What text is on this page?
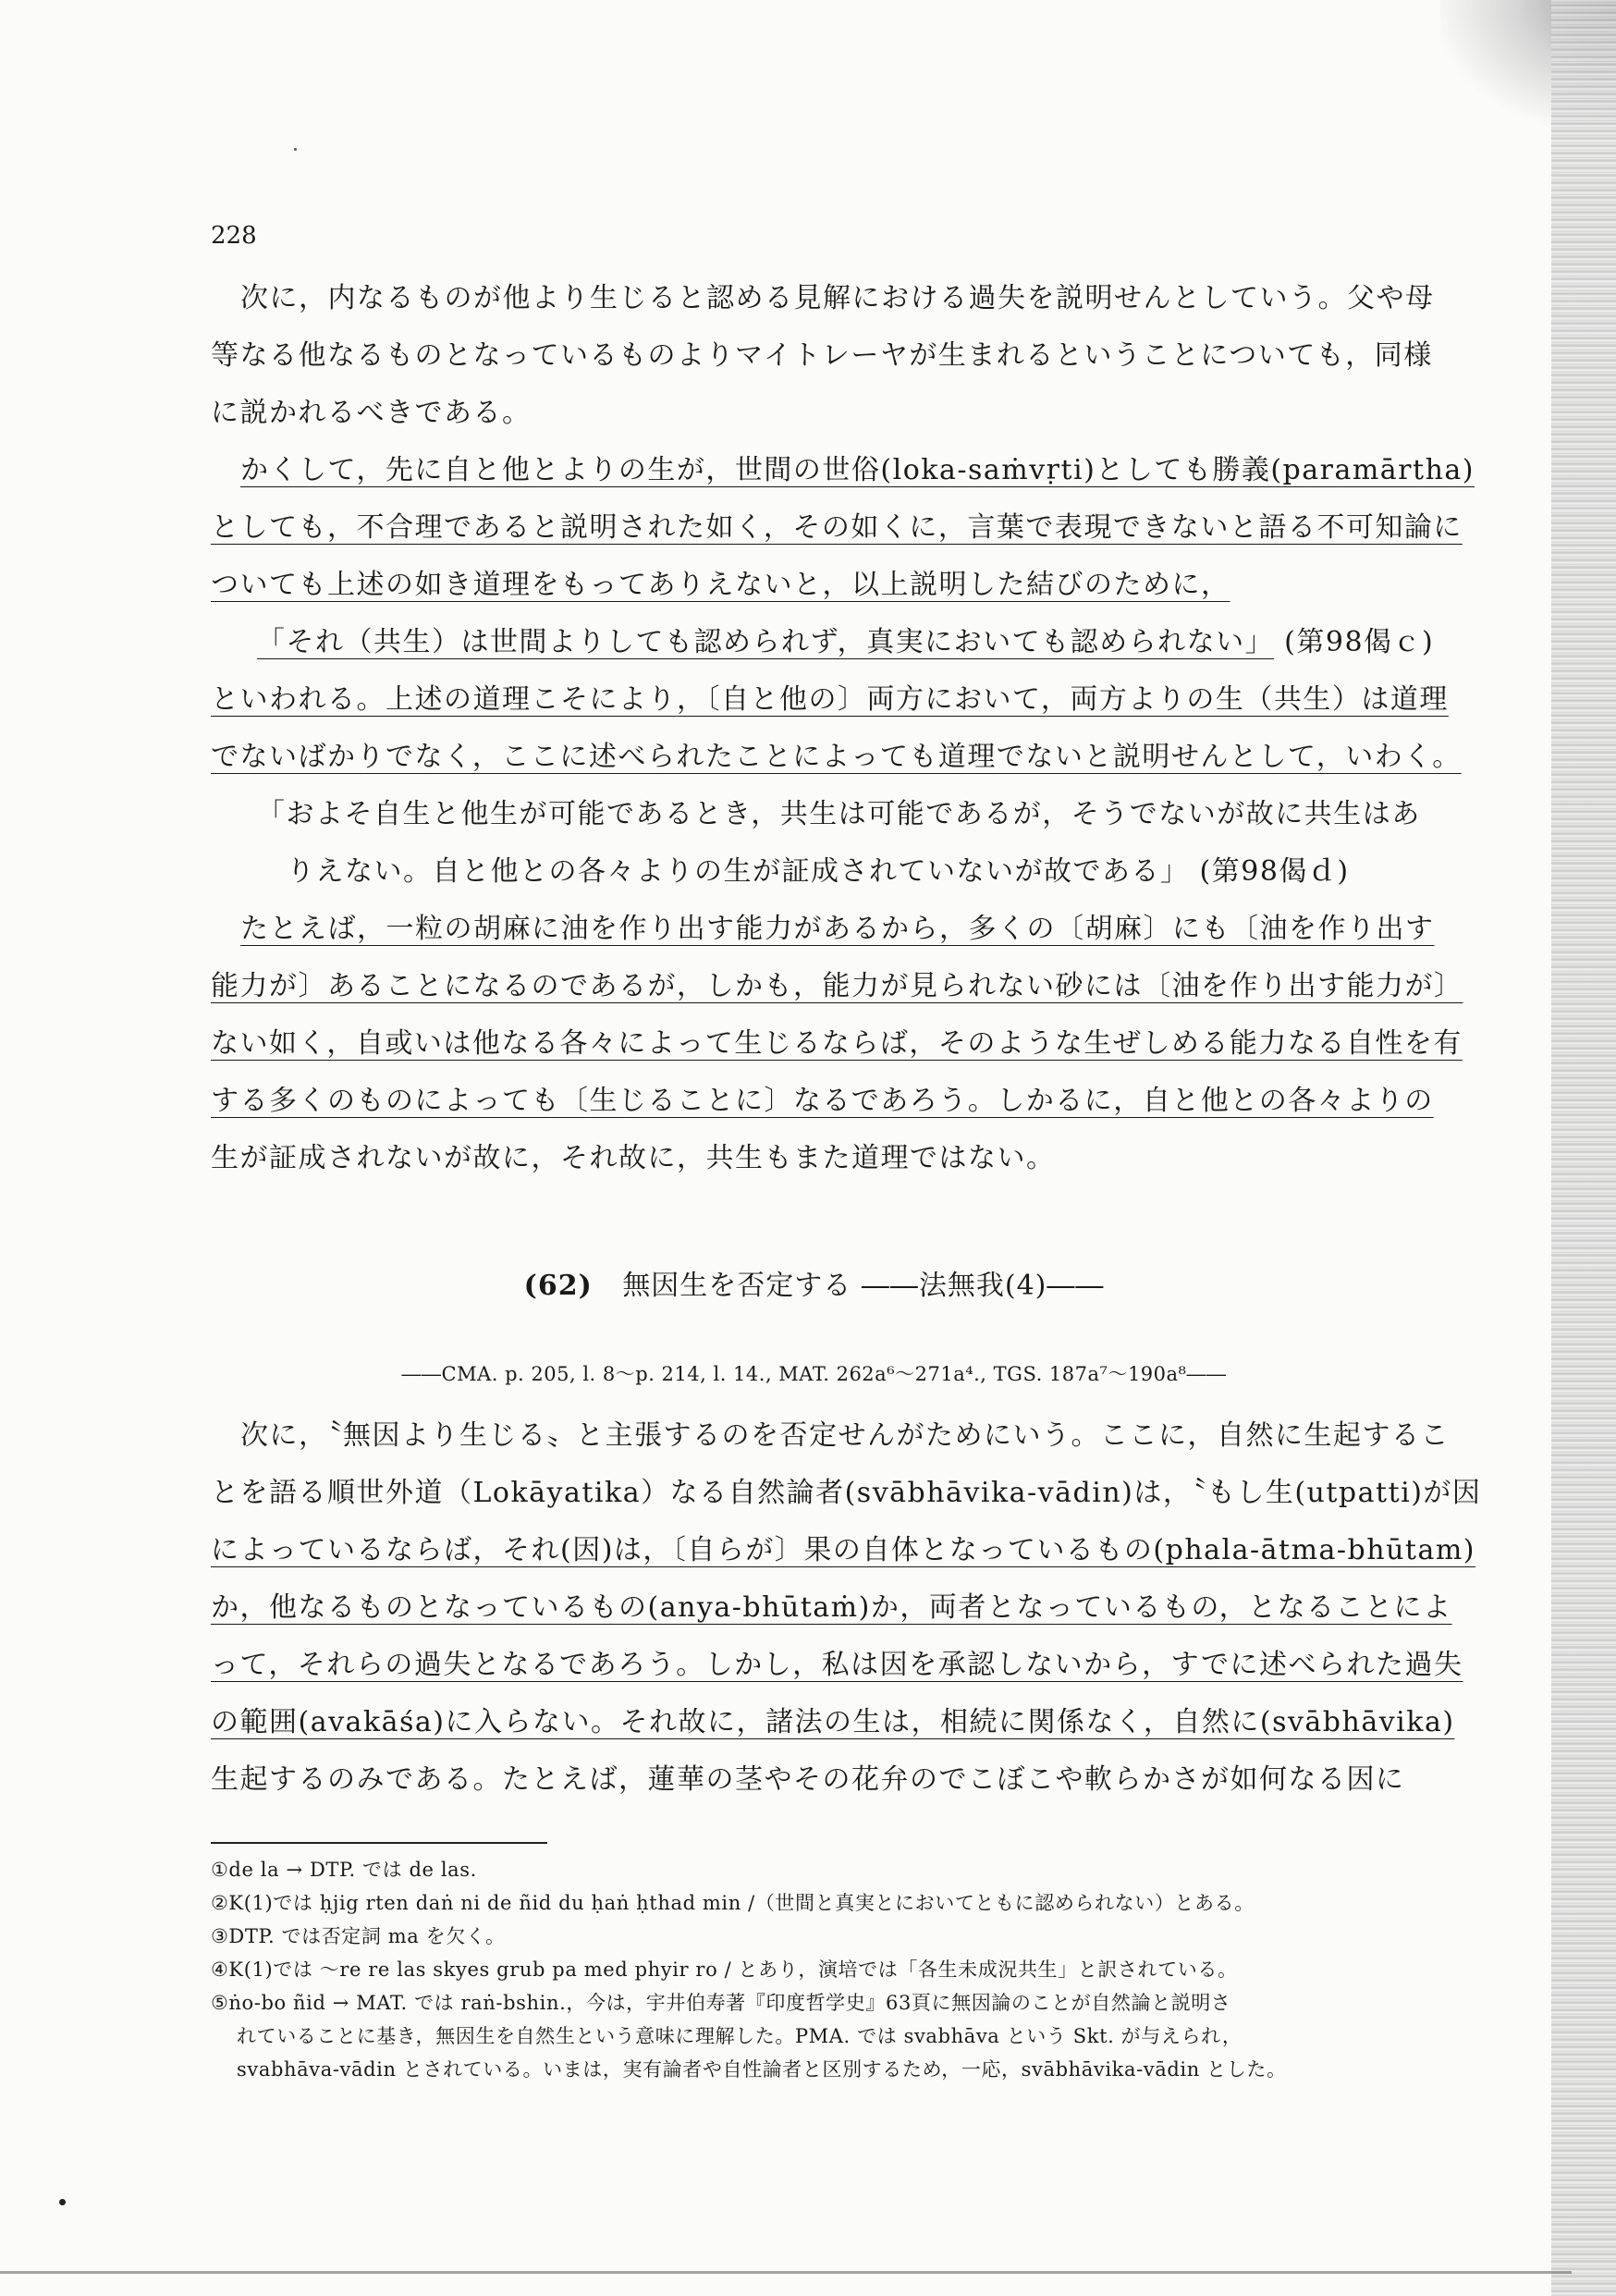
228
次に，内なるものが他より生じると認める見解における過失を説明せんとしていう。父や母
等なる他なるものとなっているものよりマイトレーヤが生まれるということについても，同様
に説かれるべきである。
かくして，先に自と他とよりの生が，世間の世俗(loka-saṁvṛti)としても勝義(paramārtha)
としても，不合理であると説明された如く，その如くに，言葉で表現できないと語る不可知論に
ついても上述の如き道理をもってありえないと，以上説明した結びのために，
「それ（共生）は世間よりしても認められず，真実においても認められない」 (第98偈ｃ)
といわれる。上述の道理こそにより，〔自と他の〕両方において，両方よりの生（共生）は道理
でないばかりでなく，ここに述べられたことによっても道理でないと説明せんとして，いわく。
「およそ自生と他生が可能であるとき，共生は可能であるが，そうでないが故に共生はあ
りえない。自と他との各々よりの生が証成されていないが故である」 (第98偈ｄ)
たとえば，一粒の胡麻に油を作り出す能力があるから，多くの〔胡麻〕にも〔油を作り出す
能力が〕あることになるのであるが，しかも，能力が見られない砂には〔油を作り出す能力が〕
ない如く，自或いは他なる各々によって生じるならば，そのような生ぜしめる能力なる自性を有
する多くのものによっても〔生じることに〕なるであろう。しかるに，自と他との各々よりの
生が証成されないが故に，それ故に，共生もまた道理ではない。
(62) 無因生を否定する ――法無我(4)――
――CMA. p. 205, l. 8～p. 214, l. 14., MAT. 262a⁶～271a⁴., TGS. 187a⁷～190a⁸――
次に，〝無因より生じる〟と主張するのを否定せんがためにいう。ここに，自然に生起するこ
とを語る順世外道（Lokāyatika）なる自然論者(svābhāvika-vādin)は，〝もし生(utpatti)が因
によっているならば，それ(因)は，〔自らが〕果の自体となっているもの(phala-ātma-bhūtam)
か，他なるものとなっているもの(anya-bhūtaṁ)か，両者となっているもの，となることによ
って，それらの過失となるであろう。しかし，私は因を承認しないから，すでに述べられた過失
の範囲(avakāśa)に入らない。それ故に，諸法の生は，相続に関係なく，自然に(svābhāvika)
生起するのみである。たとえば，蓮華の茎やその花弁のでこぼこや軟らかさが如何なる因に
①de la → DTP. では de las.
②K(1)では ḥjig rten daṅ ni de ñid du ḥaṅ ḥthad min /（世間と真実とにおいてともに認められない）とある。
③DTP. では否定詞 ma を欠く。
④K(1)では ～re re las skyes grub pa med phyir ro / とあり，演培では「各生未成況共生」と訳されている。
⑤ṅo-bo ñid → MAT. では raṅ-bshin.，今は，宇井伯寿著『印度哲学史』63頁に無因論のことが自然論と説明さ
れていることに基き，無因生を自然生という意味に理解した。PMA. では svabhāva という Skt. が与えられ，
svabhāva-vādin とされている。いまは，実有論者や自性論者と区別するため，一応，svābhāvika-vādin とした。
